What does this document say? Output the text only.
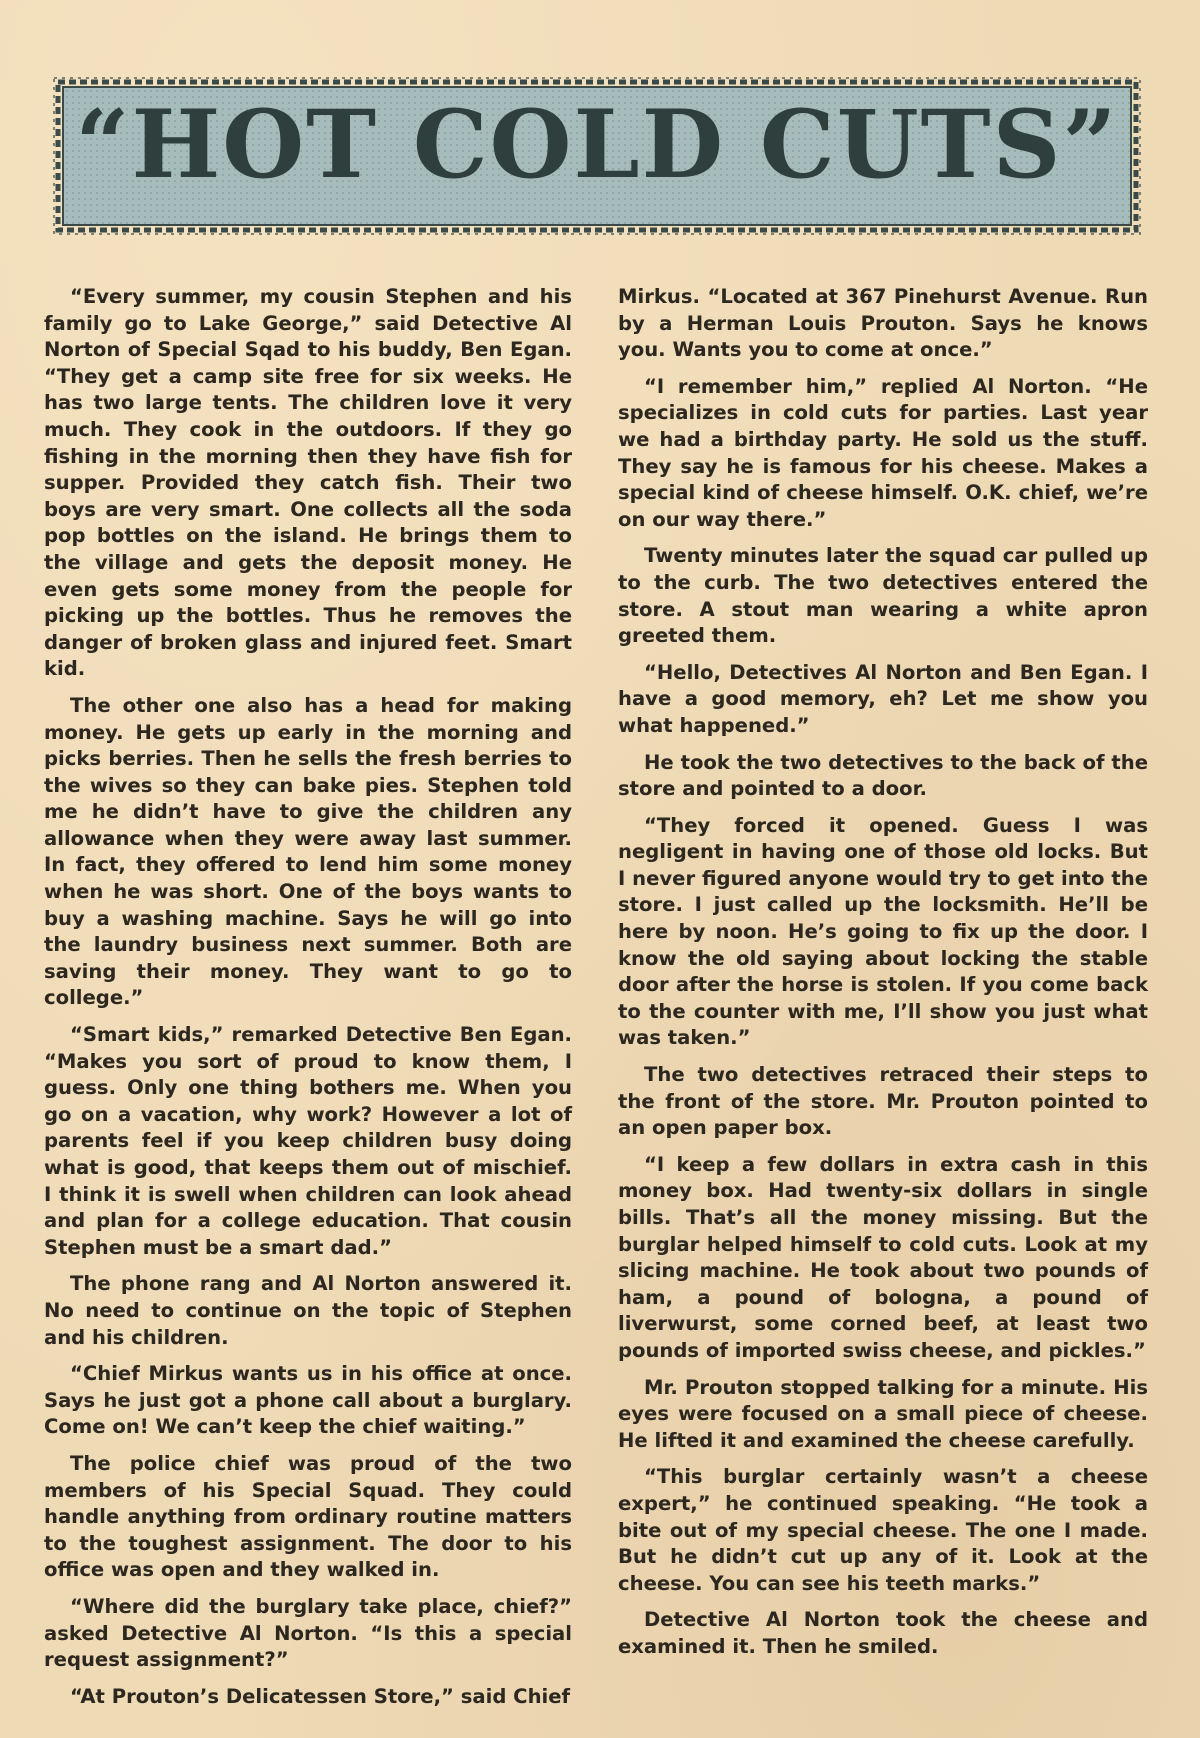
“HOT COLD CUTS”

“Every summer, my cousin Stephen and his family go to Lake George,” said Detective Al Norton of Special Sqad to his buddy, Ben Egan. “They get a camp site free for six weeks. He has two large tents. The children love it very much. They cook in the outdoors. If they go fishing in the morning then they have fish for supper. Provided they catch fish. Their two boys are very smart. One collects all the soda pop bottles on the island. He brings them to the village and gets the deposit money. He even gets some money from the people for picking up the bottles. Thus he removes the danger of broken glass and injured feet. Smart kid.

The other one also has a head for making money. He gets up early in the morning and picks berries. Then he sells the fresh berries to the wives so they can bake pies. Stephen told me he didn’t have to give the children any allowance when they were away last summer. In fact, they offered to lend him some money when he was short. One of the boys wants to buy a washing machine. Says he will go into the laundry business next summer. Both are saving their money. They want to go to college.”

“Smart kids,” remarked Detective Ben Egan. “Makes you sort of proud to know them, I guess. Only one thing bothers me. When you go on a vacation, why work? However a lot of parents feel if you keep children busy doing what is good, that keeps them out of mischief. I think it is swell when children can look ahead and plan for a college education. That cousin Stephen must be a smart dad.”

The phone rang and Al Norton answered it. No need to continue on the topic of Stephen and his children.

“Chief Mirkus wants us in his office at once. Says he just got a phone call about a burglary. Come on! We can’t keep the chief waiting.”

The police chief was proud of the two members of his Special Squad. They could handle anything from ordinary routine matters to the toughest assignment. The door to his office was open and they walked in.

“Where did the burglary take place, chief?” asked Detective Al Norton. “Is this a special request assignment?”

“At Prouton’s Delicatessen Store,” said Chief

Mirkus. “Located at 367 Pinehurst Avenue. Run by a Herman Louis Prouton. Says he knows you. Wants you to come at once.”

“I remember him,” replied Al Norton. “He specializes in cold cuts for parties. Last year we had a birthday party. He sold us the stuff. They say he is famous for his cheese. Makes a special kind of cheese himself. O.K. chief, we’re on our way there.”

Twenty minutes later the squad car pulled up to the curb. The two detectives entered the store. A stout man wearing a white apron greeted them.

“Hello, Detectives Al Norton and Ben Egan. I have a good memory, eh? Let me show you what happened.”

He took the two detectives to the back of the store and pointed to a door.

“They forced it opened. Guess I was negligent in having one of those old locks. But I never figured anyone would try to get into the store. I just called up the locksmith. He’ll be here by noon. He’s going to fix up the door. I know the old saying about locking the stable door after the horse is stolen. If you come back to the counter with me, I’ll show you just what was taken.”

The two detectives retraced their steps to the front of the store. Mr. Prouton pointed to an open paper box.

“I keep a few dollars in extra cash in this money box. Had twenty-six dollars in single bills. That’s all the money missing. But the burglar helped himself to cold cuts. Look at my slicing machine. He took about two pounds of ham, a pound of bologna, a pound of liverwurst, some corned beef, at least two pounds of imported swiss cheese, and pickles.”

Mr. Prouton stopped talking for a minute. His eyes were focused on a small piece of cheese. He lifted it and examined the cheese carefully.

“This burglar certainly wasn’t a cheese expert,” he continued speaking. “He took a bite out of my special cheese. The one I made. But he didn’t cut up any of it. Look at the cheese. You can see his teeth marks.”

Detective Al Norton took the cheese and examined it. Then he smiled.
